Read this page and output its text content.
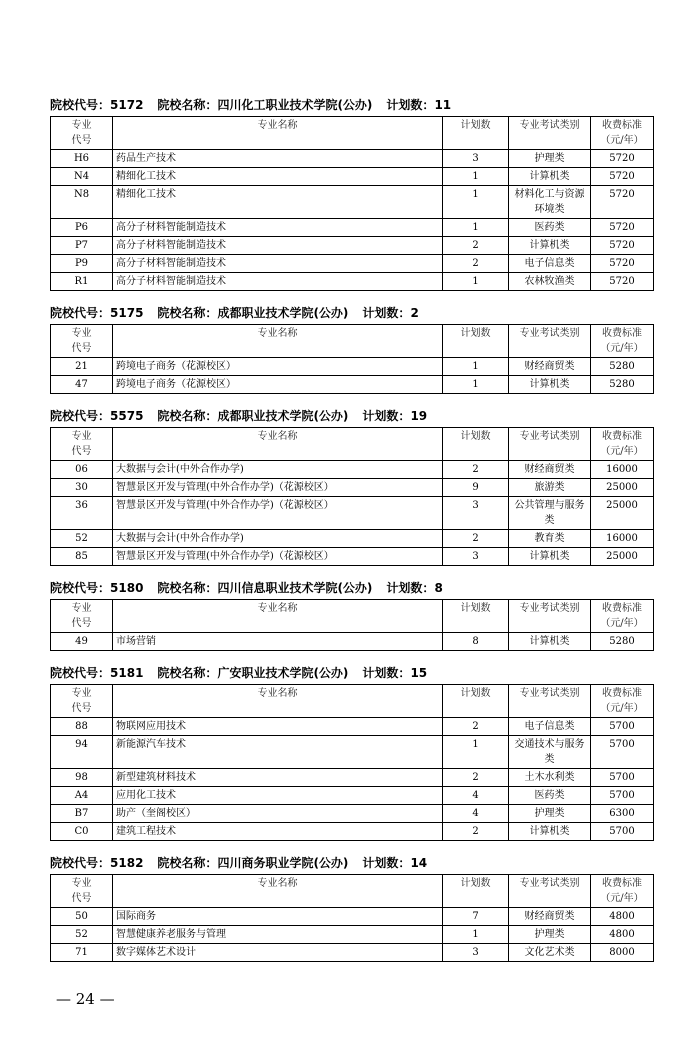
院校代号：5172 院校名称：四川化工职业技术学院(公办) 计划数：11
专业
代号	专业名称	计划数	专业考试类别	收费标准
（元/年）
H6	药品生产技术	3	护理类	5720
N4	精细化工技术	1	计算机类	5720
N8	精细化工技术	1	材料化工与资源环境类	5720
P6	高分子材料智能制造技术	1	医药类	5720
P7	高分子材料智能制造技术	2	计算机类	5720
P9	高分子材料智能制造技术	2	电子信息类	5720
R1	高分子材料智能制造技术	1	农林牧渔类	5720
院校代号：5175 院校名称：成都职业技术学院(公办) 计划数：2
专业
代号	专业名称	计划数	专业考试类别	收费标准
（元/年）
21	跨境电子商务（花源校区）	1	财经商贸类	5280
47	跨境电子商务（花源校区）	1	计算机类	5280
院校代号：5575 院校名称：成都职业技术学院(公办) 计划数：19
专业
代号	专业名称	计划数	专业考试类别	收费标准
（元/年）
06	大数据与会计(中外合作办学)	2	财经商贸类	16000
30	智慧景区开发与管理(中外合作办学)（花源校区）	9	旅游类	25000
36	智慧景区开发与管理(中外合作办学)（花源校区）	3	公共管理与服务类	25000
52	大数据与会计(中外合作办学)	2	教育类	16000
85	智慧景区开发与管理(中外合作办学)（花源校区）	3	计算机类	25000
院校代号：5180 院校名称：四川信息职业技术学院(公办) 计划数：8
专业
代号	专业名称	计划数	专业考试类别	收费标准
（元/年）
49	市场营销	8	计算机类	5280
院校代号：5181 院校名称：广安职业技术学院(公办) 计划数：15
专业
代号	专业名称	计划数	专业考试类别	收费标准
（元/年）
88	物联网应用技术	2	电子信息类	5700
94	新能源汽车技术	1	交通技术与服务类	5700
98	新型建筑材料技术	2	土木水利类	5700
A4	应用化工技术	4	医药类	5700
B7	助产（奎阁校区）	4	护理类	6300
C0	建筑工程技术	2	计算机类	5700
院校代号：5182 院校名称：四川商务职业学院(公办) 计划数：14
专业
代号	专业名称	计划数	专业考试类别	收费标准
（元/年）
50	国际商务	7	财经商贸类	4800
52	智慧健康养老服务与管理	1	护理类	4800
71	数字媒体艺术设计	3	文化艺术类	8000
— 24 —
